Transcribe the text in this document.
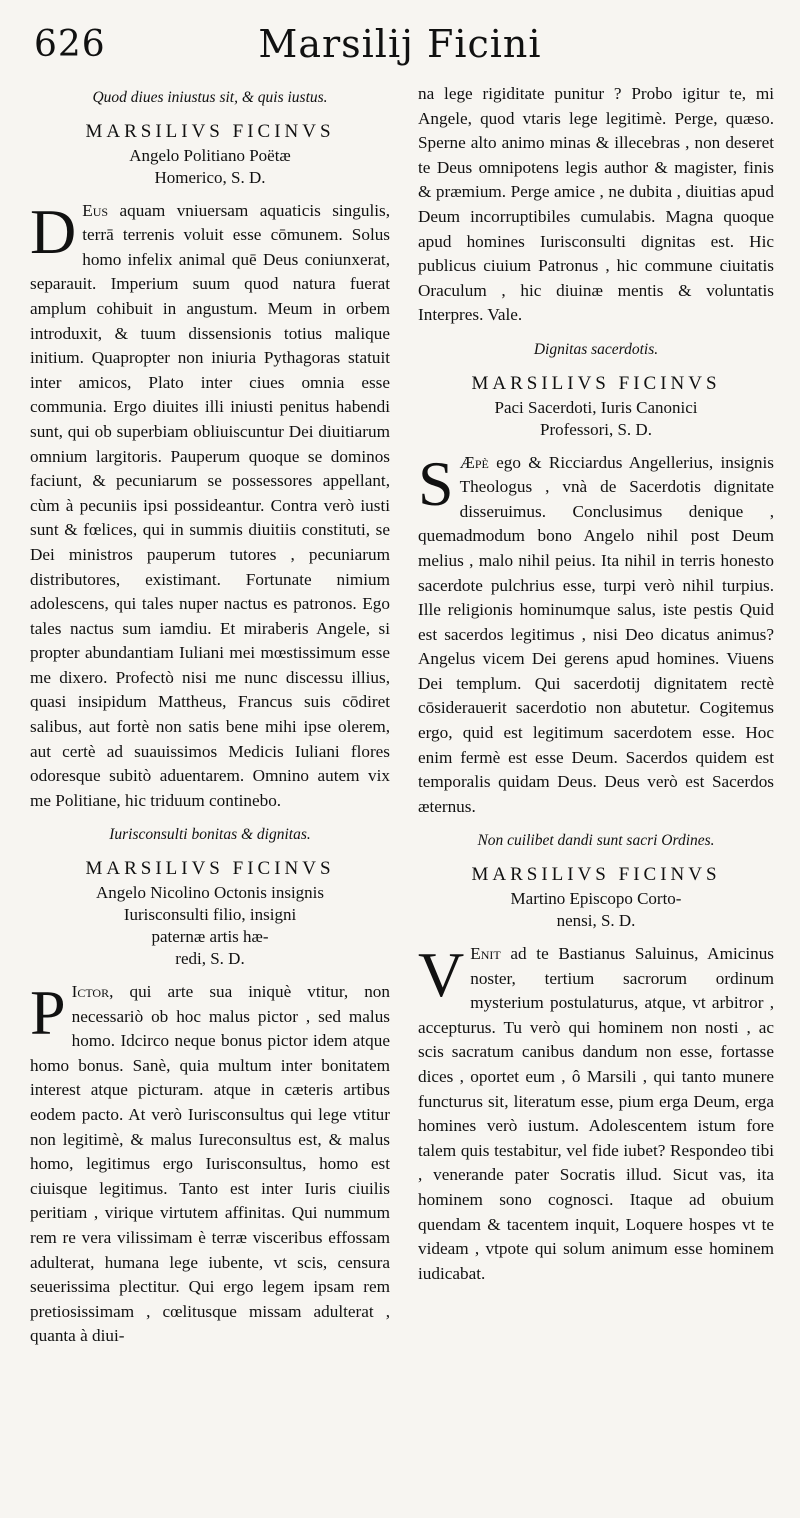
626	Marsilij Ficini
Quod diues iniustus sit, & quis iustus.
MARSILIVS FICINVS
Angelo Politiano Poëtæ
Homerico, S. D.

D Eus aquam vniuersam aquaticis singulis, terrā terrenis voluit esse cōmunem. Solus homo infelix animal quē Deus coniunxerat, separauit. Imperium suum quod natura fuerat amplum cohibuit in angustum. Meum in orbem introduxit, & tuum dissensionis totius malique initium. Quapropter non iniuria Pythagoras statuit inter amicos, Plato inter ciues omnia esse communia. Ergo diuites illi iniusti penitus habendi sunt, qui ob superbiam obliuiscuntur Dei diuitiarum omnium largitoris. Pauperum quoque se dominos faciunt, & pecuniarum se possessores appellant, cùm à pecuniis ipsi possideantur. Contra verò iusti sunt & fœlices, qui in summis diuitiis constituti, se Dei ministros pauperum tutores , pecuniarum distributores, existimant. Fortunate nimium adolescens, qui tales nuper nactus es patronos. Ego tales nactus sum iamdiu. Et miraberis Angele, si propter abundantiam Iuliani mei mœstissimum esse me dixero. Profectò nisi me nunc discessu illius, quasi insipidum Mattheus, Francus suis cōdiret salibus, aut fortè non satis bene mihi ipse olerem, aut certè ad suauissimos Medicis Iuliani flores odoresque subitò aduentarem. Omnino autem vix me Politiane, hic triduum continebo.

Iurisconsulti bonitas & dignitas.
MARSILIVS FICINVS
Angelo Nicolino Octonis insignis
Iurisconsulti filio, insigni
paternæ artis hæ-
redi, S. D.

P Ictor, qui arte sua iniquè vtitur, non necessariò ob hoc malus pictor , sed malus homo. Idcirco neque bonus pictor idem atque homo bonus. Sanè, quia multum inter bonitatem interest atque picturam. atque in cæteris artibus eodem pacto. At verò Iurisconsultus qui lege vtitur non legitimè, & malus Iureconsultus est, & malus homo, legitimus ergo Iurisconsultus, homo est ciuisque legitimus. Tanto est inter Iuris ciuilis peritiam , virique virtutem affinitas. Qui nummum rem re vera vilissimam è terræ visceribus effossam adulterat, humana lege iubente, vt scis, censura seuerissima plectitur. Qui ergo legem ipsam rem pretiosissimam , cœlitusque missam adulterat , quanta à diui-

na lege rigiditate punitur ? Probo igitur te, mi Angele, quod vtaris lege legitimè. Perge, quæso. Sperne alto animo minas & illecebras , non deseret te Deus omnipotens legis author & magister, finis & præmium. Perge amice , ne dubita , diuitias apud Deum incorruptibiles cumulabis. Magna quoque apud homines Iurisconsulti dignitas est. Hic publicus ciuium Patronus , hic commune ciuitatis Oraculum , hic diuinæ mentis & voluntatis Interpres. Vale.

Dignitas sacerdotis.
MARSILIVS FICINVS
Paci Sacerdoti, Iuris Canonici
Professori, S. D.

S Æpè ego & Ricciardus Angellerius, insignis Theologus , vnà de Sacerdotis dignitate disseruimus. Conclusimus denique , quemadmodum bono Angelo nihil post Deum melius , malo nihil peius. Ita nihil in terris honesto sacerdote pulchrius esse, turpi verò nihil turpius. Ille religionis hominumque salus, iste pestis Quid est sacerdos legitimus , nisi Deo dicatus animus? Angelus vicem Dei gerens apud homines. Viuens Dei templum. Qui sacerdotij dignitatem rectè cōsiderauerit sacerdotio non abutetur. Cogitemus ergo, quid est legitimum sacerdotem esse. Hoc enim fermè est esse Deum. Sacerdos quidem est temporalis quidam Deus. Deus verò est Sacerdos æternus.

Non cuilibet dandi sunt sacri Ordines.
MARSILIVS FICINVS
Martino Episcopo Corto-
nensi, S. D.

V Enit ad te Bastianus Saluinus, Amicinus noster, tertium sacrorum ordinum mysterium postulaturus, atque, vt arbitror , accepturus. Tu verò qui hominem non nosti , ac scis sacratum canibus dandum non esse, fortasse dices , oportet eum , ô Marsili , qui tanto munere functurus sit, literatum esse, pium erga Deum, erga homines verò iustum. Adolescentem istum fore talem quis testabitur, vel fide iubet? Respondeo tibi , venerande pater Socratis illud. Sicut vas, ita hominem sono cognosci. Itaque ad obuium quendam & tacentem inquit, Loquere hospes vt te videam , vtpote qui solum animum esse hominem iudicabat.
